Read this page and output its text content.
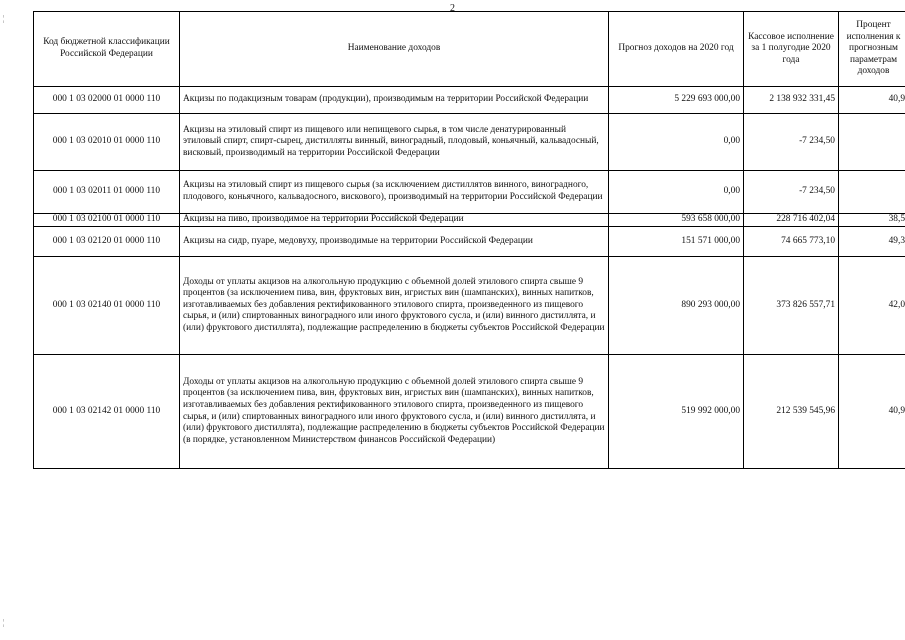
2
Код бюджетной классификации Российской Федерации	Наименование доходов	Прогноз доходов на 2020 год	Кассовое исполнение за 1 полугодие 2020 года	Процент исполнения к прогнозным параметрам доходов
000 1 03 02000 01 0000 110	Акцизы по подакцизным товарам (продукции), производимым на территории Российской Федерации	5 229 693 000,00	2 138 932 331,45	40,9
000 1 03 02010 01 0000 110	Акцизы на этиловый спирт из пищевого или непищевого сырья, в том числе денатурированный этиловый спирт, спирт-сырец, дистилляты винный, виноградный, плодовый, коньячный, кальвадосный, висковый, производимый на территории Российской Федерации	0,00	-7 234,50	
000 1 03 02011 01 0000 110	Акцизы на этиловый спирт из пищевого сырья (за исключением дистиллятов винного, виноградного, плодового, коньячного, кальвадосного, вискового), производимый на территории Российской Федерации	0,00	-7 234,50	
000 1 03 02100 01 0000 110	Акцизы на пиво, производимое на территории Российской Федерации	593 658 000,00	228 716 402,04	38,5
000 1 03 02120 01 0000 110	Акцизы на сидр, пуаре, медовуху, производимые на территории Российской Федерации	151 571 000,00	74 665 773,10	49,3
000 1 03 02140 01 0000 110	Доходы от уплаты акцизов на алкогольную продукцию с объемной долей этилового спирта свыше 9 процентов (за исключением пива, вин, фруктовых вин, игристых вин (шампанских), винных напитков, изготавливаемых без добавления ректификованного этилового спирта, произведенного из пищевого сырья, и (или) спиртованных виноградного или иного фруктового сусла, и (или) винного дистиллята, и (или) фруктового дистиллята), подлежащие распределению в бюджеты субъектов Российской Федерации	890 293 000,00	373 826 557,71	42,0
000 1 03 02142 01 0000 110	Доходы от уплаты акцизов на алкогольную продукцию с объемной долей этилового спирта свыше 9 процентов (за исключением пива, вин, фруктовых вин, игристых вин (шампанских), винных напитков, изготавливаемых без добавления ректификованного этилового спирта, произведенного из пищевого сырья, и (или) спиртованных виноградного или иного фруктового сусла, и (или) винного дистиллята, и (или) фруктового дистиллята), подлежащие распределению в бюджеты субъектов Российской Федерации (в порядке, установленном Министерством финансов Российской Федерации)	519 992 000,00	212 539 545,96	40,9
¦
¦
